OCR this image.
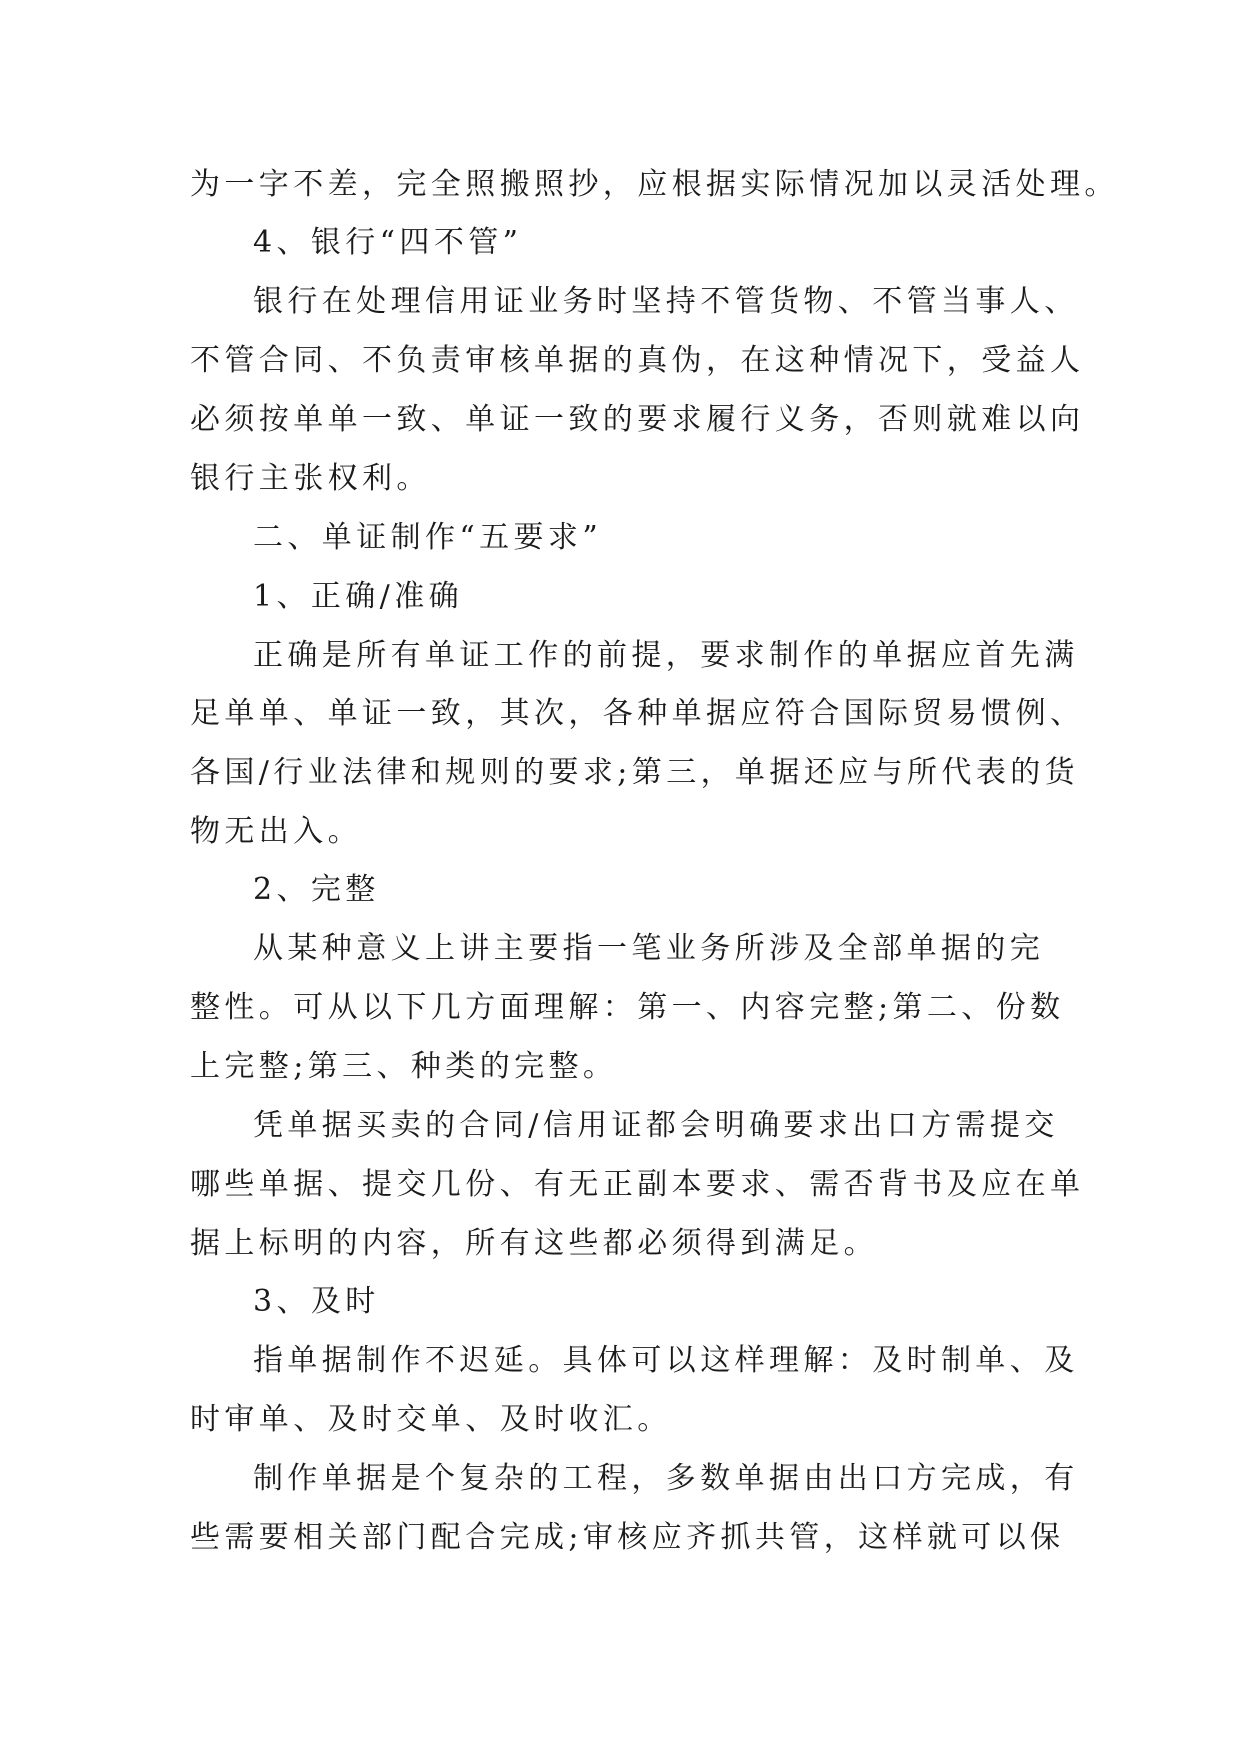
为一字不差，完全照搬照抄，应根据实际情况加以灵活处理。
4、银行“四不管”
银行在处理信用证业务时坚持不管货物、不管当事人、
不管合同、不负责审核单据的真伪，在这种情况下，受益人
必须按单单一致、单证一致的要求履行义务，否则就难以向
银行主张权利。
二、单证制作“五要求”
1、正确/准确
正确是所有单证工作的前提，要求制作的单据应首先满
足单单、单证一致，其次，各种单据应符合国际贸易惯例、
各国/行业法律和规则的要求;第三，单据还应与所代表的货
物无出入。
2、完整
从某种意义上讲主要指一笔业务所涉及全部单据的完
整性。可从以下几方面理解：第一、内容完整;第二、份数
上完整;第三、种类的完整。
凭单据买卖的合同/信用证都会明确要求出口方需提交
哪些单据、提交几份、有无正副本要求、需否背书及应在单
据上标明的内容，所有这些都必须得到满足。
3、及时
指单据制作不迟延。具体可以这样理解：及时制单、及
时审单、及时交单、及时收汇。
制作单据是个复杂的工程，多数单据由出口方完成，有
些需要相关部门配合完成;审核应齐抓共管，这样就可以保
